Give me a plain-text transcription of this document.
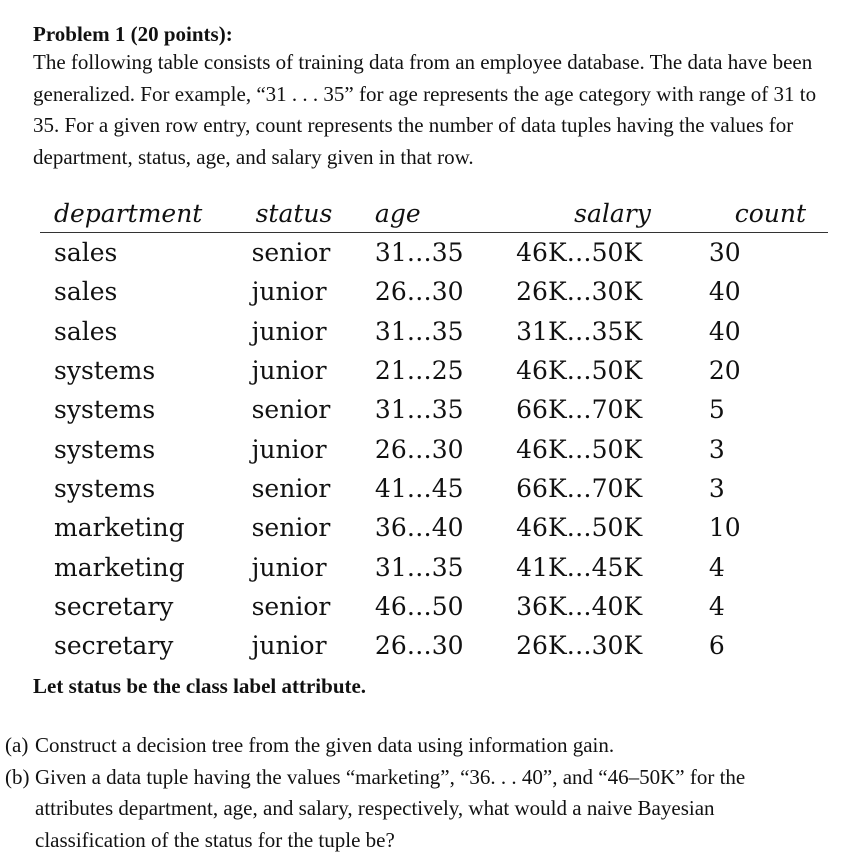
Problem 1 (20 points):

The following table consists of training data from an employee database. The data have been

generalized. For example, “31 . . . 35” for age represents the age category with range of 31 to

35. For a given row entry, count represents the number of data tuples having the values for

department, status, age, and salary given in that row.

department	status	age	salary	count
sales	senior	31…35	46K…50K	30
sales	junior	26…30	26K…30K	40
sales	junior	31…35	31K…35K	40
systems	junior	21…25	46K…50K	20
systems	senior	31…35	66K…70K	5
systems	junior	26…30	46K…50K	3
systems	senior	41…45	66K…70K	3
marketing	senior	36…40	46K…50K	10
marketing	junior	31…35	41K…45K	4
secretary	senior	46…50	36K…40K	4
secretary	junior	26…30	26K…30K	6
Let status be the class label attribute.
(a) Construct a decision tree from the given data using information gain.
(b) Given a data tuple having the values “marketing”, “36. . . 40”, and “46–50K” for the
attributes department, age, and salary, respectively, what would a naive Bayesian
classification of the status for the tuple be?
